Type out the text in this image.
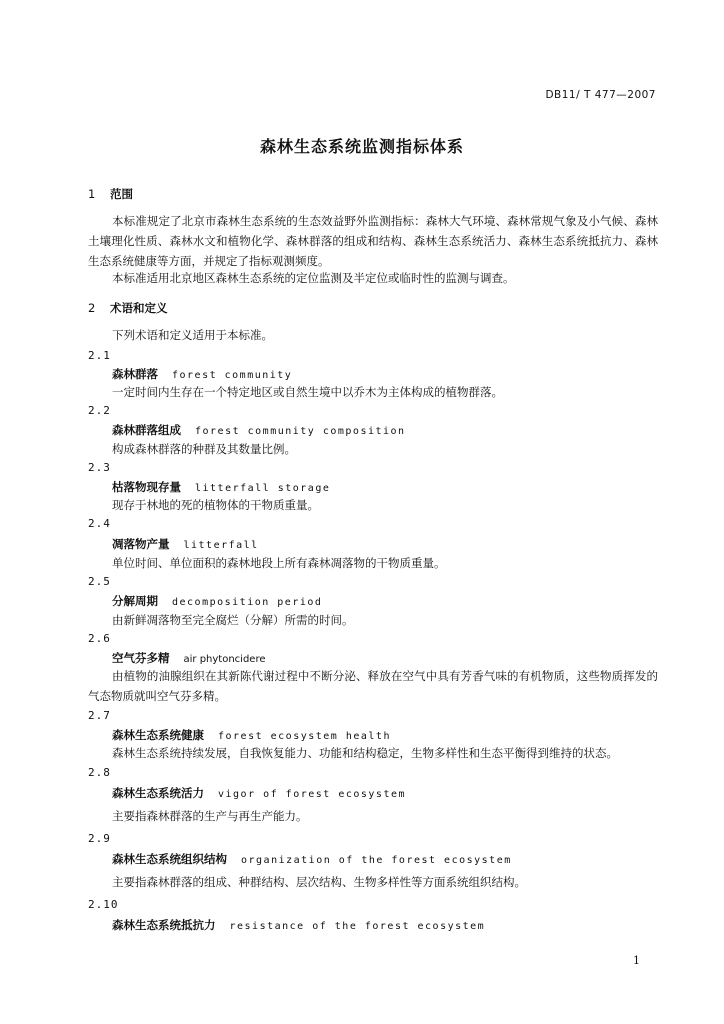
DB11/ T 477—2007
森林生态系统监测指标体系
1 范围
本标准规定了北京市森林生态系统的生态效益野外监测指标：森林大气环境、森林常规气象及小气候、森林土壤理化性质、森林水文和植物化学、森林群落的组成和结构、森林生态系统活力、森林生态系统抵抗力、森林生态系统健康等方面，并规定了指标观测频度。
本标准适用北京地区森林生态系统的定位监测及半定位或临时性的监测与调查。
2 术语和定义
下列术语和定义适用于本标准。
2.1
森林群落 forest community
一定时间内生存在一个特定地区或自然生境中以乔木为主体构成的植物群落。
2.2
森林群落组成 forest community composition
构成森林群落的种群及其数量比例。
2.3
枯落物现存量 litterfall storage
现存于林地的死的植物体的干物质重量。
2.4
凋落物产量 litterfall
单位时间、单位面积的森林地段上所有森林凋落物的干物质重量。
2.5
分解周期 decomposition period
由新鲜凋落物至完全腐烂（分解）所需的时间。
2.6
空气芬多精 air phytoncidere
由植物的油腺组织在其新陈代谢过程中不断分泌、释放在空气中具有芳香气味的有机物质，这些物质挥发的气态物质就叫空气芬多精。
2.7
森林生态系统健康 forest ecosystem health
森林生态系统持续发展，自我恢复能力、功能和结构稳定，生物多样性和生态平衡得到维持的状态。
2.8
森林生态系统活力 vigor of forest ecosystem
主要指森林群落的生产与再生产能力。
2.9
森林生态系统组织结构 organization of the forest ecosystem
主要指森林群落的组成、种群结构、层次结构、生物多样性等方面系统组织结构。
2.10
森林生态系统抵抗力 resistance of the forest ecosystem
1
